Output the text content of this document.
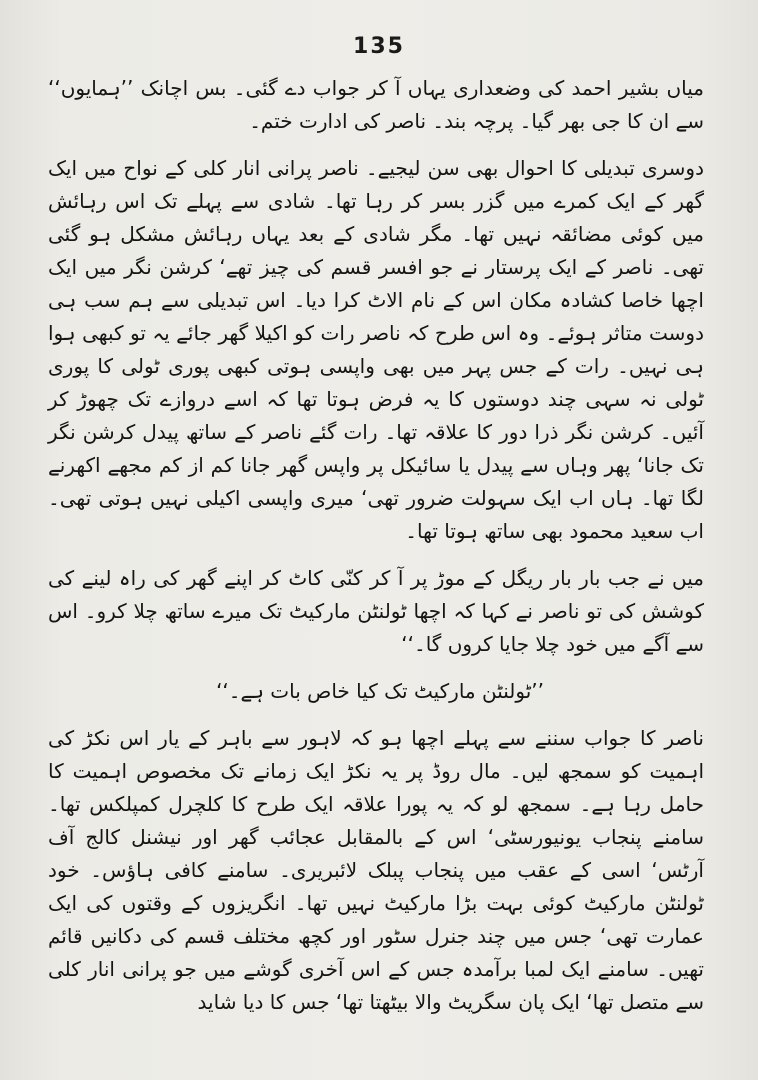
135

میاں بشیر احمد کی وضعداری یہاں آ کر جواب دے گئی۔ بس اچانک ’’ہمایوں‘‘ سے ان کا جی بھر گیا۔ پرچہ بند۔ ناصر کی ادارت ختم۔

دوسری تبدیلی کا احوال بھی سن لیجیے۔ ناصر پرانی انار کلی کے نواح میں ایک گھر کے ایک کمرے میں گزر بسر کر رہا تھا۔ شادی سے پہلے تک اس رہائش میں کوئی مضائقہ نہیں تھا۔ مگر شادی کے بعد یہاں رہائش مشکل ہو گئی تھی۔ ناصر کے ایک پرستار نے جو افسر قسم کی چیز تھے‘ کرشن نگر میں ایک اچھا خاصا کشادہ مکان اس کے نام الاٹ کرا دیا۔ اس تبدیلی سے ہم سب ہی دوست متاثر ہوئے۔ وہ اس طرح کہ ناصر رات کو اکیلا گھر جائے یہ تو کبھی ہوا ہی نہیں۔ رات کے جس پہر میں بھی واپسی ہوتی کبھی پوری ٹولی کا پوری ٹولی نہ سہی چند دوستوں کا یہ فرض ہوتا تھا کہ اسے دروازے تک چھوڑ کر آئیں۔ کرشن نگر ذرا دور کا علاقہ تھا۔ رات گئے ناصر کے ساتھ پیدل کرشن نگر تک جانا‘ پھر وہاں سے پیدل یا سائیکل پر واپس گھر جانا کم از کم مجھے اکھرنے لگا تھا۔ ہاں اب ایک سہولت ضرور تھی‘ میری واپسی اکیلی نہیں ہوتی تھی۔ اب سعید محمود بھی ساتھ ہوتا تھا۔

میں نے جب بار بار ریگل کے موڑ پر آ کر کنّی کاٹ کر اپنے گھر کی راہ لینے کی کوشش کی تو ناصر نے کہا کہ اچھا ٹولنٹن مارکیٹ تک میرے ساتھ چلا کرو۔ اس سے آگے میں خود چلا جایا کروں گا۔‘‘

’’ٹولنٹن مارکیٹ تک کیا خاص بات ہے۔‘‘

ناصر کا جواب سننے سے پہلے اچھا ہو کہ لاہور سے باہر کے یار اس نکڑ کی اہمیت کو سمجھ لیں۔ مال روڈ پر یہ نکڑ ایک زمانے تک مخصوص اہمیت کا حامل رہا ہے۔ سمجھ لو کہ یہ پورا علاقہ ایک طرح کا کلچرل کمپلکس تھا۔ سامنے پنجاب یونیورسٹی‘ اس کے بالمقابل عجائب گھر اور نیشنل کالج آف آرٹس‘ اسی کے عقب میں پنجاب پبلک لائبریری۔ سامنے کافی ہاؤس۔ خود ٹولنٹن مارکیٹ کوئی بہت بڑا مارکیٹ نہیں تھا۔ انگریزوں کے وقتوں کی ایک عمارت تھی‘ جس میں چند جنرل سٹور اور کچھ مختلف قسم کی دکانیں قائم تھیں۔ سامنے ایک لمبا برآمدہ جس کے اس آخری گوشے میں جو پرانی انار کلی سے متصل تھا‘ ایک پان سگریٹ والا بیٹھتا تھا‘ جس کا دیا شاید
